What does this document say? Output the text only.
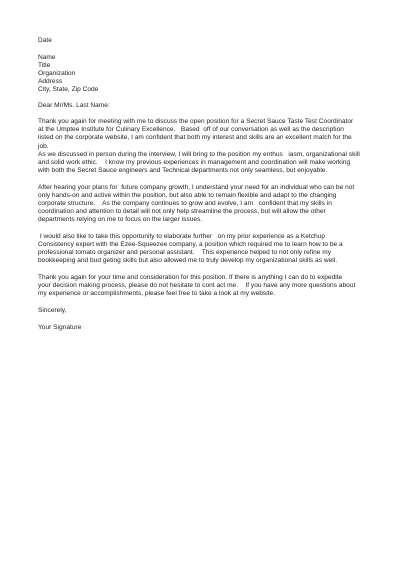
Date
Name
Title
Organization
Address
City, State, Zip Code
Dear Mr/Ms. Last Name:
Thank you again for meeting with me to discuss the open position for a Secret Sauce Taste Test Coordinator
at the Umptee Institute for Culinary Excellence.   Based  off of our conversation as well as the description
listed on the corporate website, I am confident that both my interest and skills are an excellent match for the
job.
As we discussed in person during the interview, I will bring to the position my enthus   iasm, organizational skill
and solid work ethic.    I know my previous experiences in management and coordination will make working
with both the Secret Sauce engineers and Technical departments not only seamless, but enjoyable.
After hearing your plans for  future company growth, I understand your need for an individual who can be not
only hands-on and active within the position, but also able to remain flexible and adapt to the changing
corporate structure.    As the company continues to grow and evolve, I am   confident that my skills in
coordination and attention to detail will not only help streamline the process, but will allow the other
departments relying on me to focus on the larger issues.
I would also like to take this opportunity to elaborate further   on my prior experience as a Ketchup
Consistency expert with the Ezee-Squeezee company, a position which required me to learn how to be a
professional tomato organizer and personal assistant.    This experience helped to not only refine my
bookkeeping and bud geting skills but also allowed me to truly develop my organizational skills as well.
Thank you again for your time and consideration for this position. If there is anything I can do to expedite
your decision making process, please do not hesitate to cont act me.    If you have any more questions about
my experience or accomplishments, please feel free to take a look at my website.
Sincerely,
Your Signature
